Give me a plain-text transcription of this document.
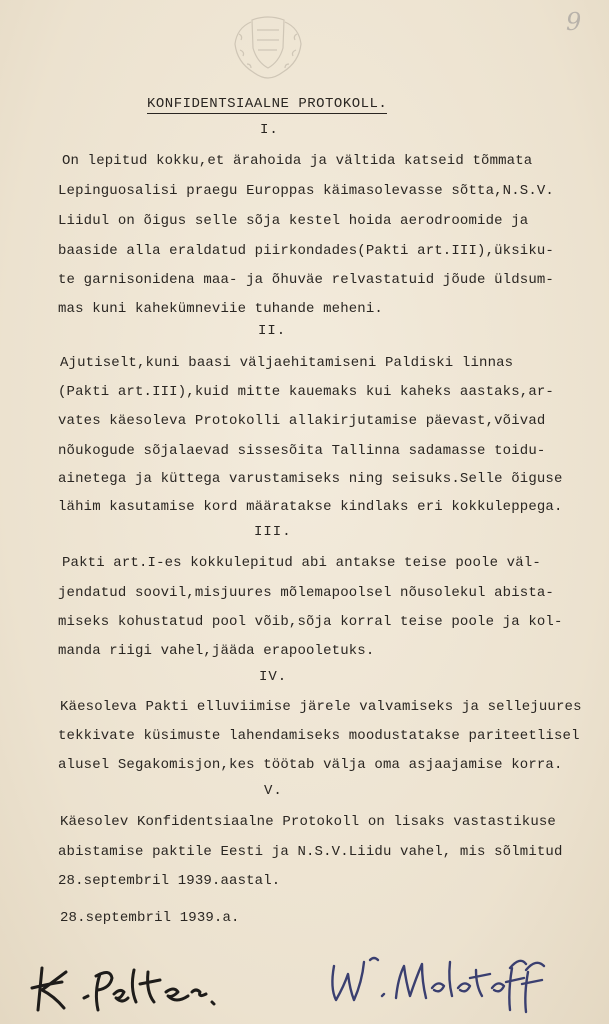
9
KONFIDENTSIAALNE PROTOKOLL.
I.
On lepitud kokku,et ärahoida ja vältida katseid tõmmata
Lepinguosalisi praegu Europpas käimasolevasse sõtta,N.S.V.
Liidul on õigus selle sõja kestel hoida aerodroomide ja
baaside alla eraldatud piirkondades(Pakti art.III),üksiku-
te garnisonidena maa- ja õhuväe relvastatuid jõude üldsum-
mas kuni kahekümneviie tuhande meheni.
II.
Ajutiselt,kuni baasi väljaehitamiseni Paldiski linnas
(Pakti art.III),kuid mitte kauemaks kui kaheks aastaks,ar-
vates käesoleva Protokolli allakirjutamise päevast,võivad
nõukogude sõjalaevad sissesõita Tallinna sadamasse toidu-
ainetega ja küttega varustamiseks ning seisuks.Selle õiguse
lähim kasutamise kord määratakse kindlaks eri kokkuleppega.
III.
Pakti art.I-es kokkulepitud abi antakse teise poole väl-
jendatud soovil,misjuures mõlemapoolsel nõusolekul abista-
miseks kohustatud pool võib,sõja korral teise poole ja kol-
manda riigi vahel,jääda erapooletuks.
IV.
Käesoleva Pakti elluviimise järele valvamiseks ja sellejuures
tekkivate küsimuste lahendamiseks moodustatakse pariteetlisel
alusel Segakomisjon,kes töötab välja oma asjaajamise korra.
V.
Käesolev Konfidentsiaalne Protokoll on lisaks vastastikuse
abistamise paktile Eesti ja N.S.V.Liidu vahel, mis sõlmitud
28.septembril 1939.aastal.
28.septembril 1939.a.
